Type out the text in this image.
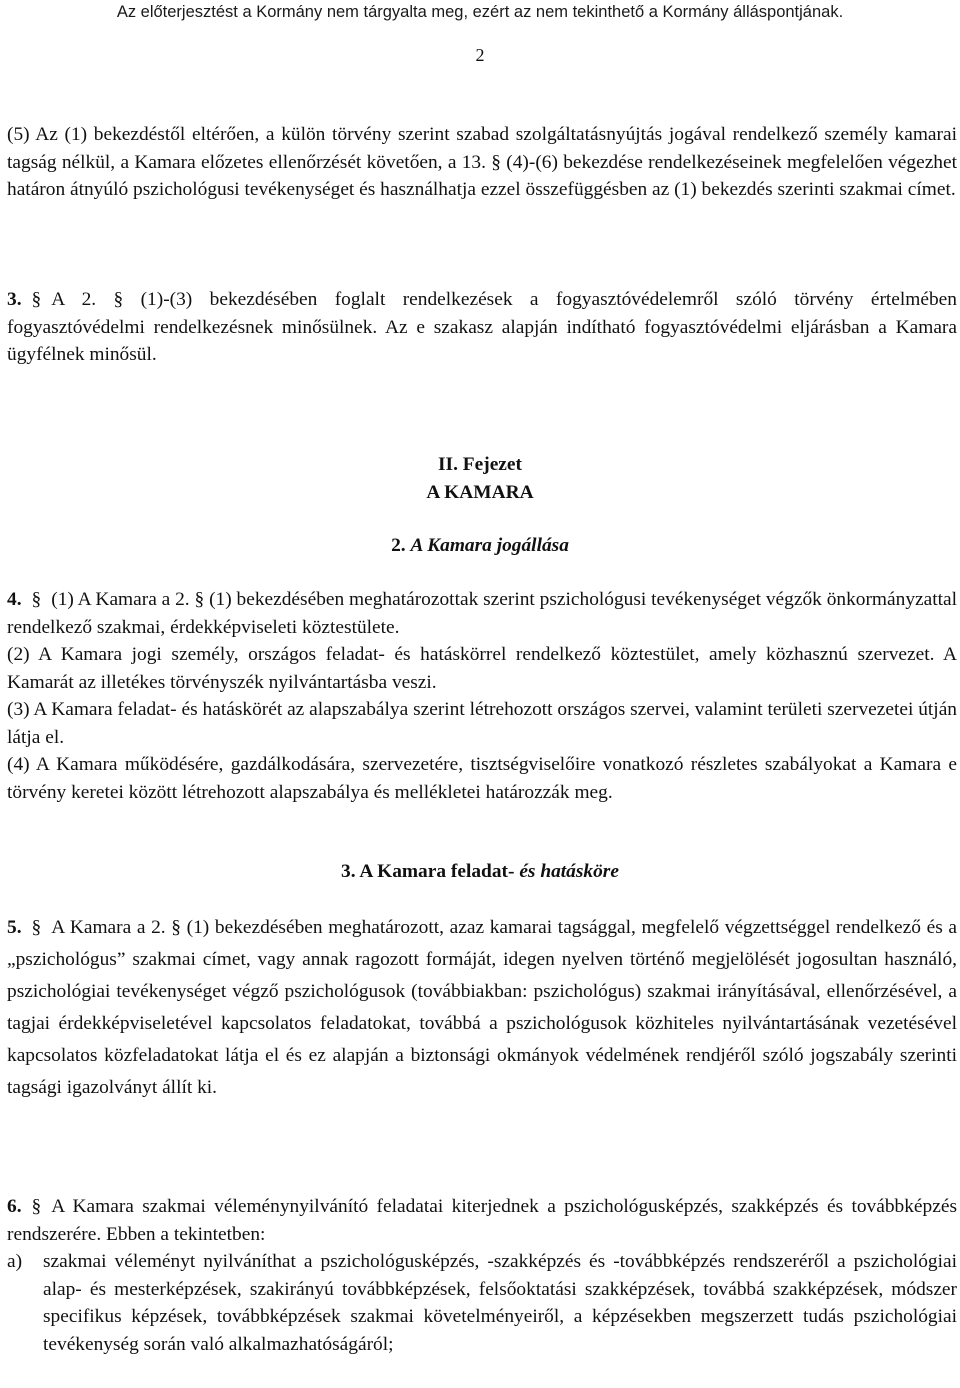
Az előterjesztést a Kormány nem tárgyalta meg, ezért az nem tekinthető a Kormány álláspontjának.
2
(5) Az (1) bekezdéstől eltérően, a külön törvény szerint szabad szolgáltatásnyújtás jogával rendelkező személy kamarai tagság nélkül, a Kamara előzetes ellenőrzését követően, a 13. § (4)-(6) bekezdése rendelkezéseinek megfelelően végezhet határon átnyúló pszichológusi tevékenységet és használhatja ezzel összefüggésben az (1) bekezdés szerinti szakmai címet.
3. § A 2. § (1)-(3) bekezdésében foglalt rendelkezések a fogyasztóvédelemről szóló törvény értelmében fogyasztóvédelmi rendelkezésnek minősülnek. Az e szakasz alapján indítható fogyasztóvédelmi eljárásban a Kamara ügyfélnek minősül.
II. Fejezet
A KAMARA
2. A Kamara jogállása
4. § (1) A Kamara a 2. § (1) bekezdésében meghatározottak szerint pszichológusi tevékenységet végzők önkormányzattal rendelkező szakmai, érdekképviseleti köztestülete.
(2) A Kamara jogi személy, országos feladat- és hatáskörrel rendelkező köztestület, amely közhasznú szervezet. A Kamarát az illetékes törvényszék nyilvántartásba veszi.
(3) A Kamara feladat- és hatáskörét az alapszabálya szerint létrehozott országos szervei, valamint területi szervezetei útján látja el.
(4) A Kamara működésére, gazdálkodására, szervezetére, tisztségviselőire vonatkozó részletes szabályokat a Kamara e törvény keretei között létrehozott alapszabálya és mellékletei határozzák meg.
3. A Kamara feladat- és hatásköre
5. § A Kamara a 2. § (1) bekezdésében meghatározott, azaz kamarai tagsággal, megfelelő végzettséggel rendelkező és a „pszichológus” szakmai címet, vagy annak ragozott formáját, idegen nyelven történő megjelölését jogosultan használó, pszichológiai tevékenységet végző pszichológusok (továbbiakban: pszichológus) szakmai irányításával, ellenőrzésével, a tagjai érdekképviseletével kapcsolatos feladatokat, továbbá a pszichológusok közhiteles nyilvántartásának vezetésével kapcsolatos közfeladatokat látja el és ez alapján a biztonsági okmányok védelmének rendjéről szóló jogszabály szerinti tagsági igazolványt állít ki.
6. § A Kamara szakmai véleménynyilvánító feladatai kiterjednek a pszichológusképzés, szakképzés és továbbképzés rendszerére. Ebben a tekintetben:
a) szakmai véleményt nyilváníthat a pszichológusképzés, -szakképzés és -továbbképzés rendszeréről a pszichológiai alap- és mesterképzések, szakirányú továbbképzések, felsőoktatási szakképzések, továbbá szakképzések, módszer specifikus képzések, továbbképzések szakmai követelményeiről, a képzésekben megszerzett tudás pszichológiai tevékenység során való alkalmazhatóságáról;
